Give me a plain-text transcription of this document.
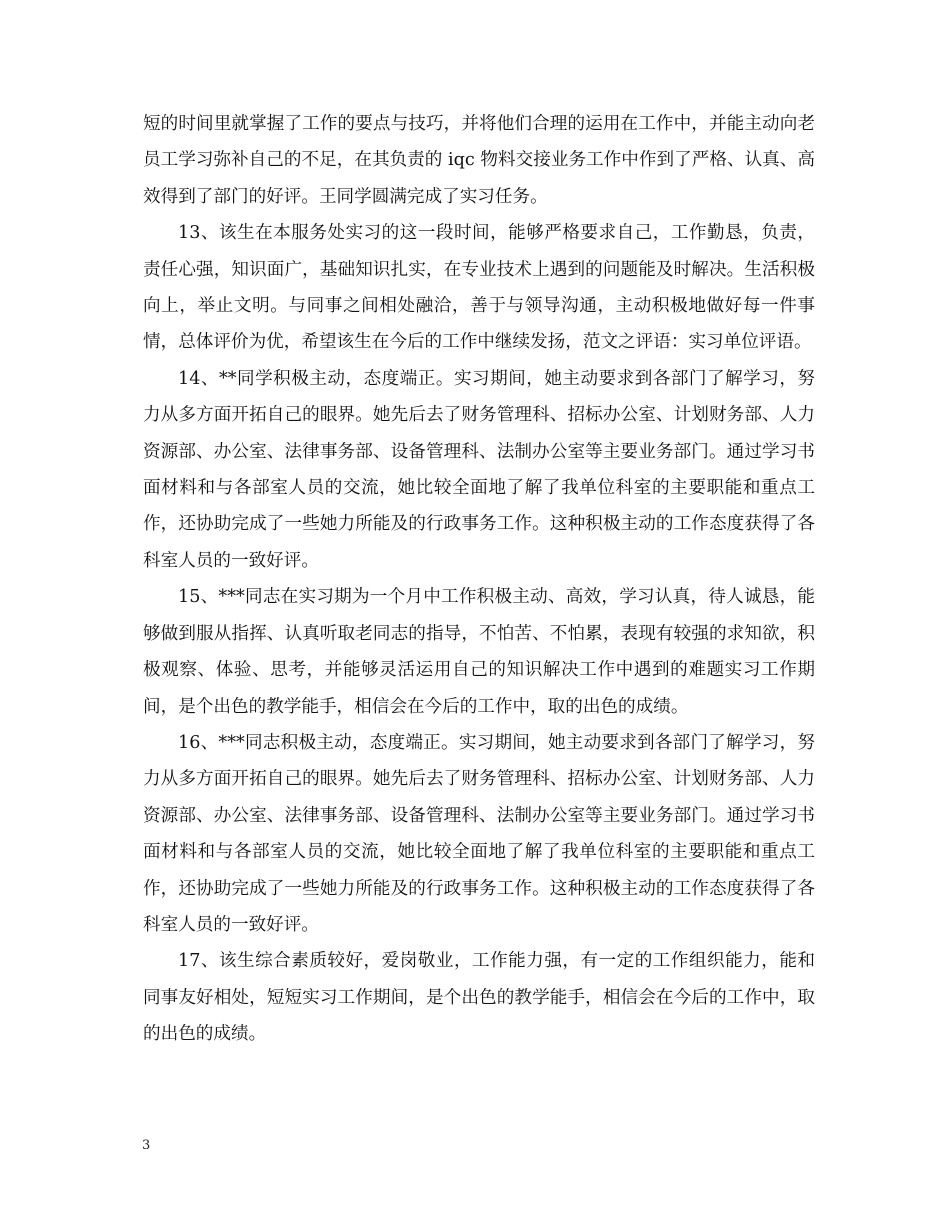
短的时间里就掌握了工作的要点与技巧，并将他们合理的运用在工作中，并能主动向老员工学习弥补自己的不足，在其负责的 iqc 物料交接业务工作中作到了严格、认真、高效得到了部门的好评。王同学圆满完成了实习任务。

13、该生在本服务处实习的这一段时间，能够严格要求自己，工作勤恳，负责，责任心强，知识面广，基础知识扎实，在专业技术上遇到的问题能及时解决。生活积极向上，举止文明。与同事之间相处融洽，善于与领导沟通，主动积极地做好每一件事情，总体评价为优，希望该生在今后的工作中继续发扬，范文之评语：实习单位评语。

14、**同学积极主动，态度端正。实习期间，她主动要求到各部门了解学习，努力从多方面开拓自己的眼界。她先后去了财务管理科、招标办公室、计划财务部、人力资源部、办公室、法律事务部、设备管理科、法制办公室等主要业务部门。通过学习书面材料和与各部室人员的交流，她比较全面地了解了我单位科室的主要职能和重点工作，还协助完成了一些她力所能及的行政事务工作。这种积极主动的工作态度获得了各科室人员的一致好评。

15、***同志在实习期为一个月中工作积极主动、高效，学习认真，待人诚恳，能够做到服从指挥、认真听取老同志的指导，不怕苦、不怕累，表现有较强的求知欲，积极观察、体验、思考，并能够灵活运用自己的知识解决工作中遇到的难题实习工作期间，是个出色的教学能手，相信会在今后的工作中，取的出色的成绩。

16、***同志积极主动，态度端正。实习期间，她主动要求到各部门了解学习，努力从多方面开拓自己的眼界。她先后去了财务管理科、招标办公室、计划财务部、人力资源部、办公室、法律事务部、设备管理科、法制办公室等主要业务部门。通过学习书面材料和与各部室人员的交流，她比较全面地了解了我单位科室的主要职能和重点工作，还协助完成了一些她力所能及的行政事务工作。这种积极主动的工作态度获得了各科室人员的一致好评。

17、该生综合素质较好，爱岗敬业，工作能力强，有一定的工作组织能力，能和同事友好相处，短短实习工作期间，是个出色的教学能手，相信会在今后的工作中，取的出色的成绩。

3
